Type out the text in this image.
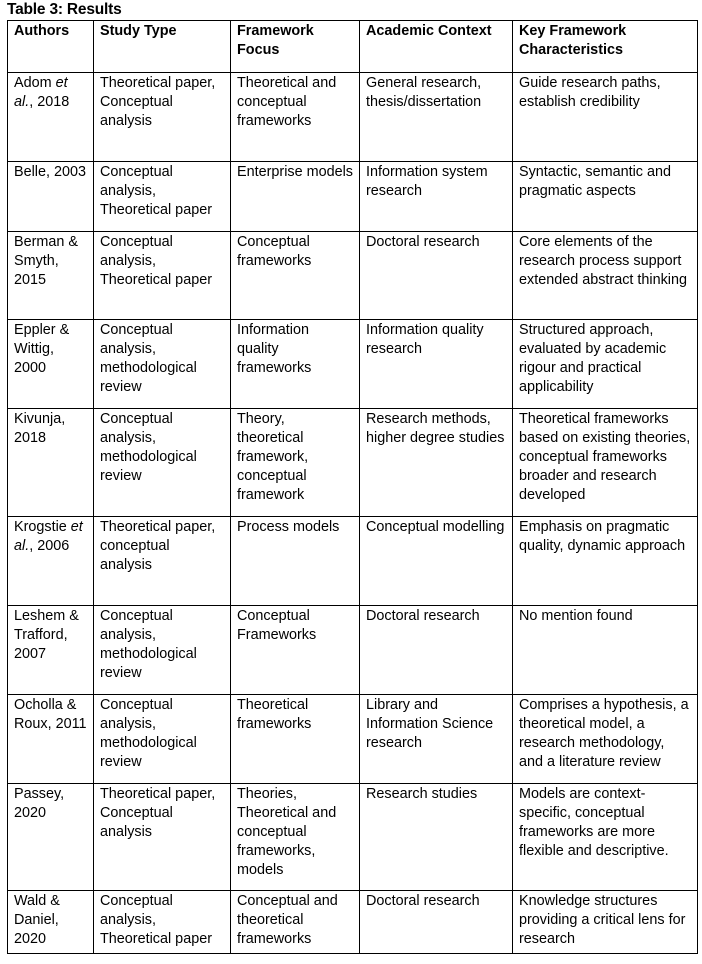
Table 3: Results
Authors	Study Type	Framework Focus	Academic Context	Key Framework Characteristics
Adom et al., 2018	Theoretical paper, Conceptual analysis	Theoretical and conceptual frameworks	General research, thesis/dissertation	Guide research paths, establish credibility
Belle, 2003	Conceptual analysis, Theoretical paper	Enterprise models	Information system research	Syntactic, semantic and pragmatic aspects
Berman & Smyth, 2015	Conceptual analysis, Theoretical paper	Conceptual frameworks	Doctoral research	Core elements of the research process support extended abstract thinking
Eppler & Wittig, 2000	Conceptual analysis, methodological review	Information quality frameworks	Information quality research	Structured approach, evaluated by academic rigour and practical applicability
Kivunja, 2018	Conceptual analysis, methodological review	Theory, theoretical framework, conceptual framework	Research methods, higher degree studies	Theoretical frameworks based on existing theories, conceptual frameworks broader and research developed
Krogstie et al., 2006	Theoretical paper, conceptual analysis	Process models	Conceptual modelling	Emphasis on pragmatic quality, dynamic approach
Leshem & Trafford, 2007	Conceptual analysis, methodological review	Conceptual Frameworks	Doctoral research	No mention found
Ocholla & Roux, 2011	Conceptual analysis, methodological review	Theoretical frameworks	Library and Information Science research	Comprises a hypothesis, a theoretical model, a research methodology, and a literature review
Passey, 2020	Theoretical paper, Conceptual analysis	Theories, Theoretical and conceptual frameworks, models	Research studies	Models are context-specific, conceptual frameworks are more flexible and descriptive.
Wald & Daniel, 2020	Conceptual analysis, Theoretical paper	Conceptual and theoretical frameworks	Doctoral research	Knowledge structures providing a critical lens for research
